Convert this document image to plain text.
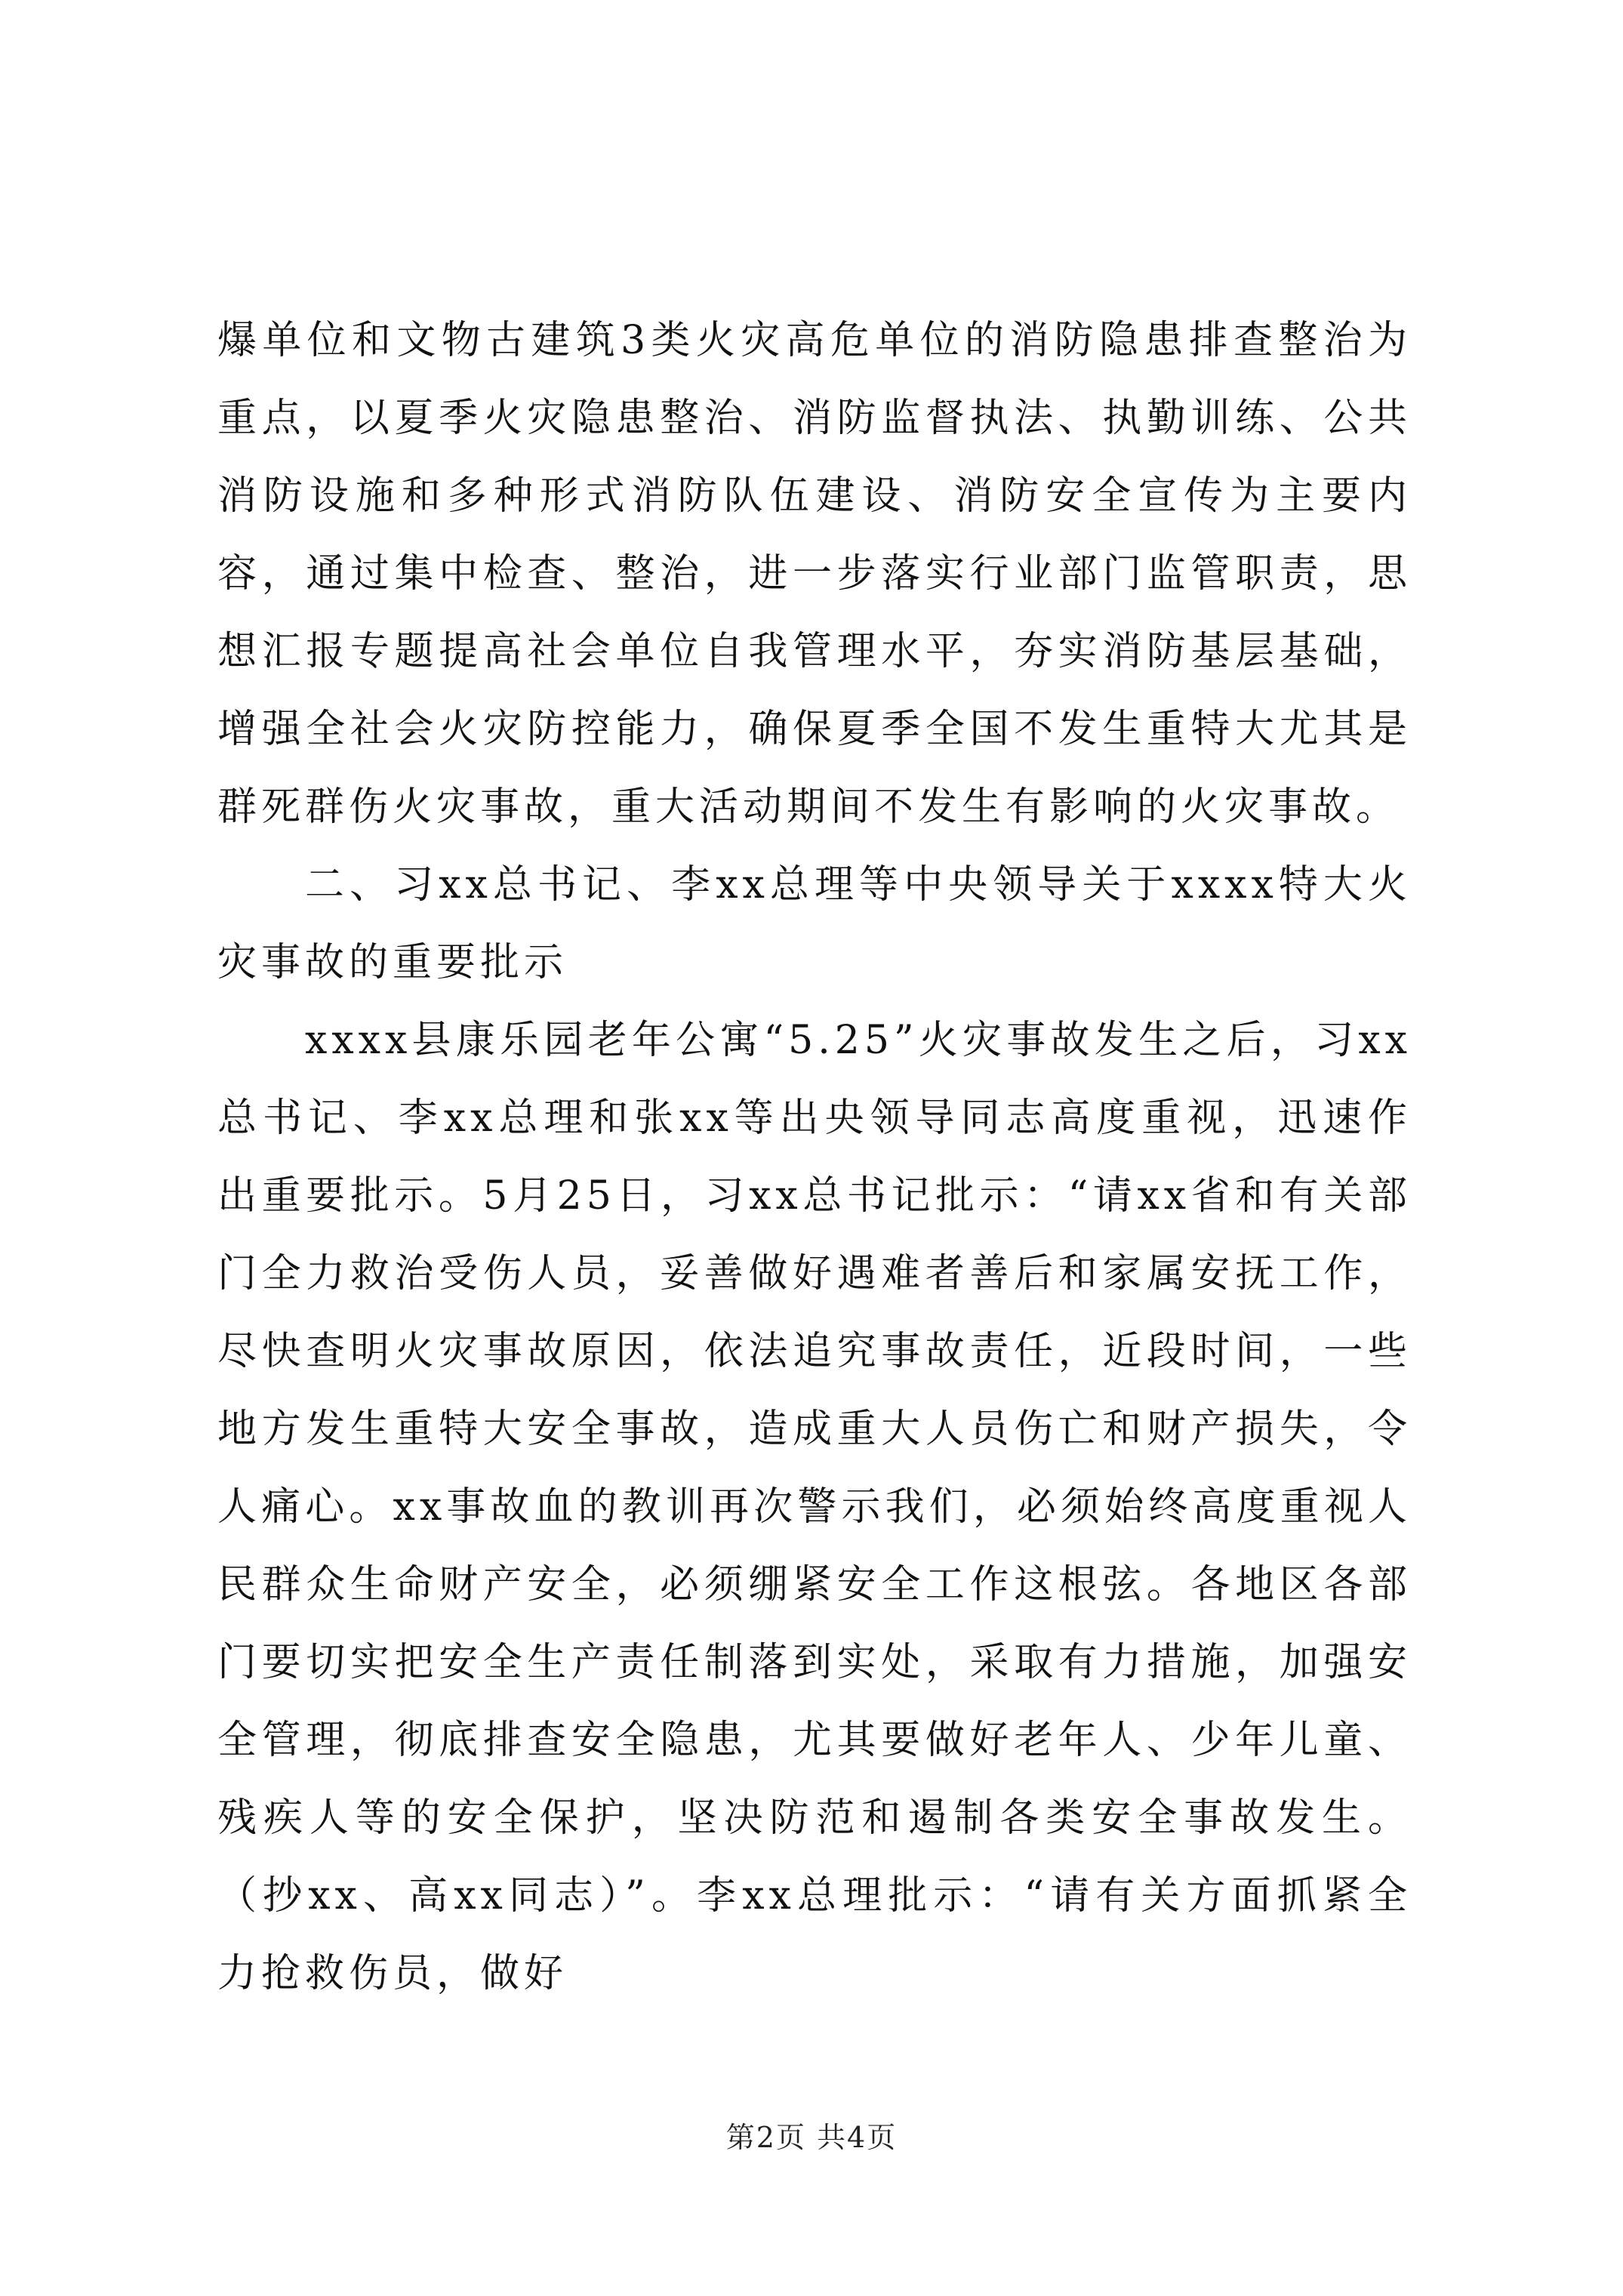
爆单位和文物古建筑3类火灾高危单位的消防隐患排查整治为重点，以夏季火灾隐患整治、消防监督执法、执勤训练、公共消防设施和多种形式消防队伍建设、消防安全宣传为主要内容，通过集中检查、整治，进一步落实行业部门监管职责，思想汇报专题提高社会单位自我管理水平，夯实消防基层基础，增强全社会火灾防控能力，确保夏季全国不发生重特大尤其是群死群伤火灾事故，重大活动期间不发生有影响的火灾事故。

二、习xx总书记、李xx总理等中央领导关于xxxx特大火灾事故的重要批示

xxxx县康乐园老年公寓“5.25”火灾事故发生之后，习xx总书记、李xx总理和张xx等出央领导同志高度重视，迅速作出重要批示。5月25日，习xx总书记批示：“请xx省和有关部门全力救治受伤人员，妥善做好遇难者善后和家属安抚工作，尽快查明火灾事故原因，依法追究事故责任，近段时间，一些地方发生重特大安全事故，造成重大人员伤亡和财产损失，令人痛心。xx事故血的教训再次警示我们，必须始终高度重视人民群众生命财产安全，必须绷紧安全工作这根弦。各地区各部门要切实把安全生产责任制落到实处，采取有力措施，加强安全管理，彻底排查安全隐患，尤其要做好老年人、少年儿童、残疾人等的安全保护，坚决防范和遏制各类安全事故发生。（抄xx、高xx同志）”。李xx总理批示：“请有关方面抓紧全力抢救伤员，做好

第2页 共4页
